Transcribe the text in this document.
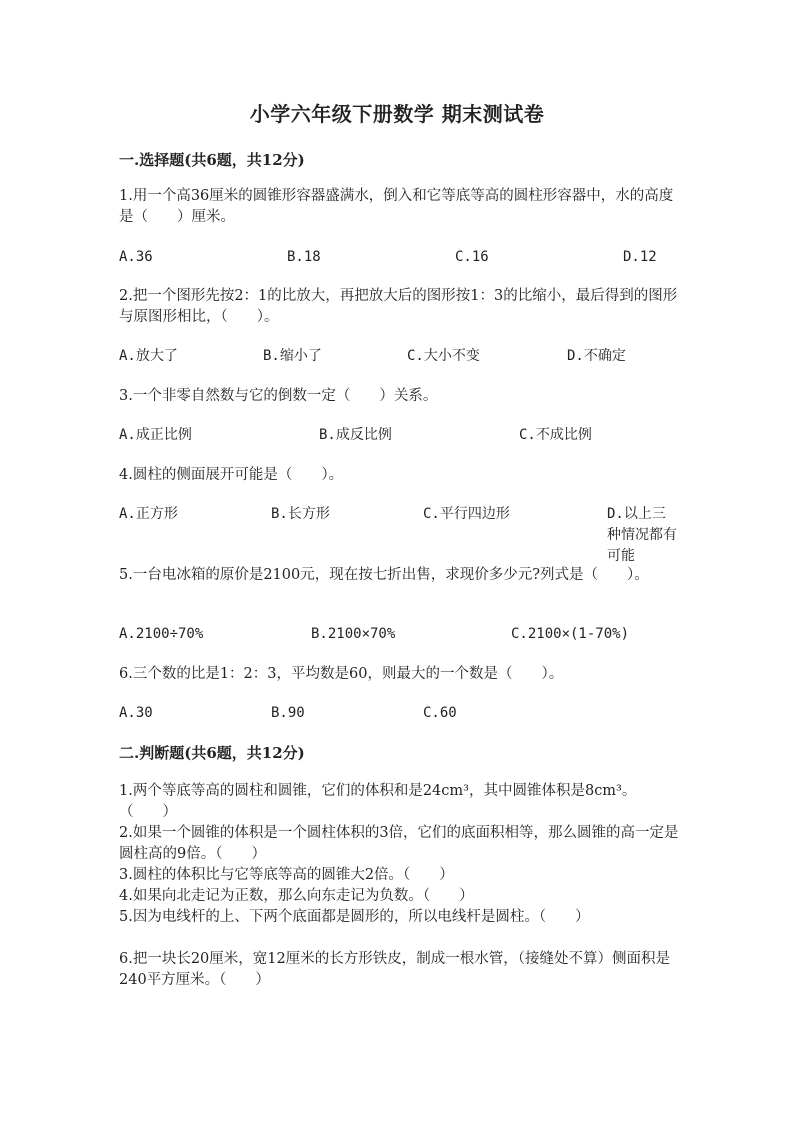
小学六年级下册数学 期末测试卷
一.选择题(共6题，共12分)
1.用一个高36厘米的圆锥形容器盛满水，倒入和它等底等高的圆柱形容器中，水的高度是（　　）厘米。
A.36	B.18	C.16	D.12
2.把一个图形先按2：1的比放大，再把放大后的图形按1：3的比缩小，最后得到的图形与原图形相比，（　　）。
A.放大了	B.缩小了	C.大小不变	D.不确定
3.一个非零自然数与它的倒数一定（　　）关系。
A.成正比例	B.成反比例	C.不成比例
4.圆柱的侧面展开可能是（　　）。
A.正方形	B.长方形	C.平行四边形	D.以上三种情况都有可能
5.一台电冰箱的原价是2100元，现在按七折出售，求现价多少元?列式是（　　）。
A.2100÷70%	B.2100×70%	C.2100×(1-70%)
6.三个数的比是1：2：3，平均数是60，则最大的一个数是（　　）。
A.30	B.90	C.60
二.判断题(共6题，共12分)
1.两个等底等高的圆柱和圆锥，它们的体积和是24cm³，其中圆锥体积是8cm³。（　　）
2.如果一个圆锥的体积是一个圆柱体积的3倍，它们的底面积相等，那么圆锥的高一定是圆柱高的9倍。（　　）
3.圆柱的体积比与它等底等高的圆锥大2倍。（　　）
4.如果向北走记为正数，那么向东走记为负数。（　　）
5.因为电线杆的上、下两个底面都是圆形的，所以电线杆是圆柱。（　　）
6.把一块长20厘米，宽12厘米的长方形铁皮，制成一根水管，（接缝处不算）侧面积是240平方厘米。（　　）
